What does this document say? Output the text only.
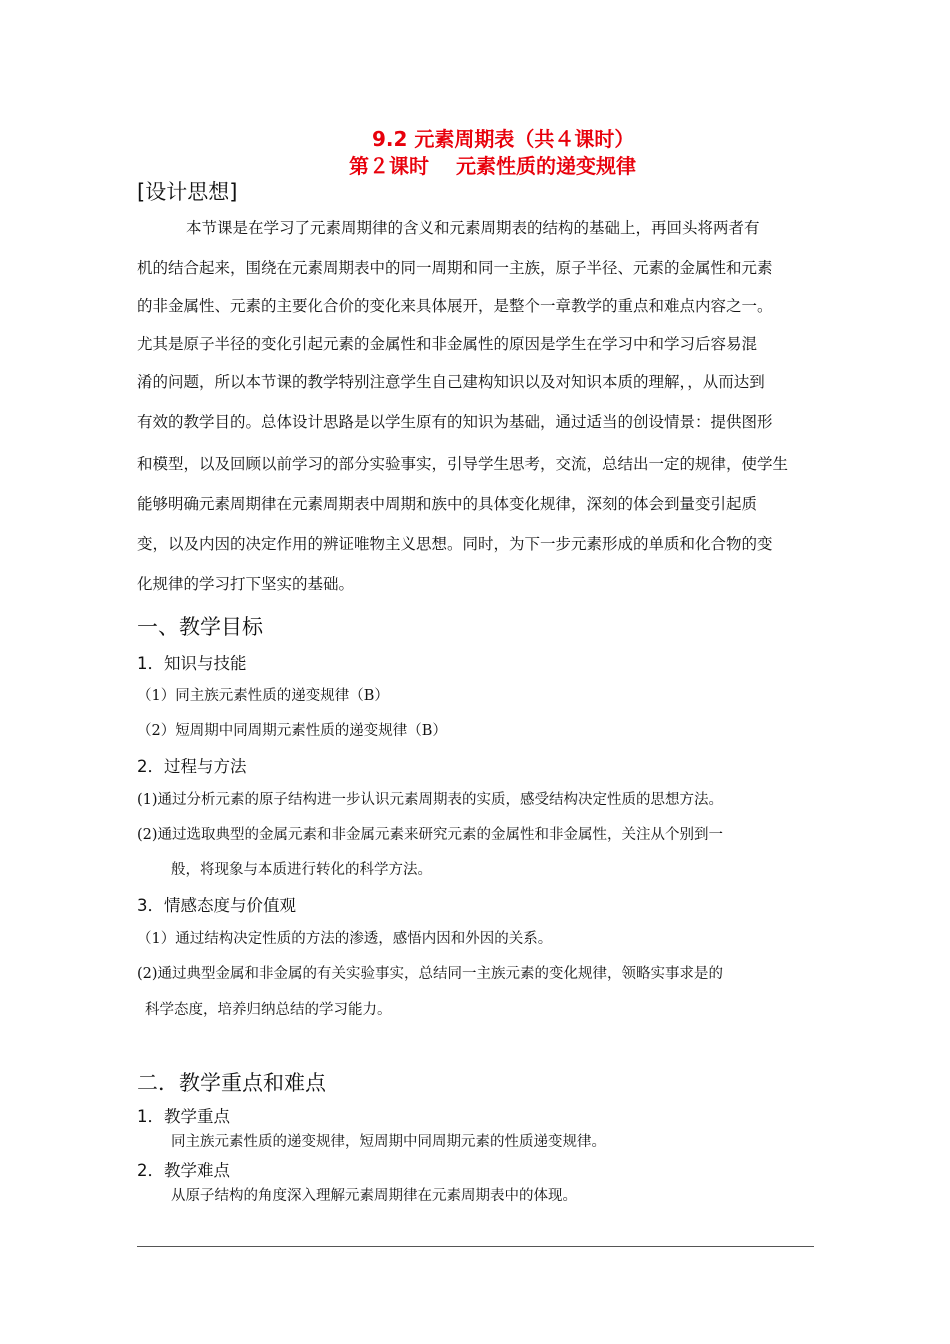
9.2 元素周期表（共４课时）
第２课时　 元素性质的递变规律
[设计思想]
本节课是在学习了元素周期律的含义和元素周期表的结构的基础上，再回头将两者有
机的结合起来，围绕在元素周期表中的同一周期和同一主族，原子半径、元素的金属性和元素
的非金属性、元素的主要化合价的变化来具体展开，是整个一章教学的重点和难点内容之一。
尤其是原子半径的变化引起元素的金属性和非金属性的原因是学生在学习中和学习后容易混
淆的问题，所以本节课的教学特别注意学生自己建构知识以及对知识本质的理解，，从而达到
有效的教学目的。总体设计思路是以学生原有的知识为基础，通过适当的创设情景：提供图形
和模型，以及回顾以前学习的部分实验事实，引导学生思考，交流，总结出一定的规律，使学生
能够明确元素周期律在元素周期表中周期和族中的具体变化规律，深刻的体会到量变引起质
变，以及内因的决定作用的辨证唯物主义思想。同时，为下一步元素形成的单质和化合物的变
化规律的学习打下坚实的基础。
一、教学目标
1．知识与技能
（1）同主族元素性质的递变规律（B）
（2）短周期中同周期元素性质的递变规律（B）
2．过程与方法
(1)通过分析元素的原子结构进一步认识元素周期表的实质，感受结构决定性质的思想方法。
(2)通过选取典型的金属元素和非金属元素来研究元素的金属性和非金属性，关注从个别到一
般，将现象与本质进行转化的科学方法。
3．情感态度与价值观
（1）通过结构决定性质的方法的渗透，感悟内因和外因的关系。
(2)通过典型金属和非金属的有关实验事实，总结同一主族元素的变化规律，领略实事求是的
科学态度，培养归纳总结的学习能力。
二．教学重点和难点
1．教学重点
同主族元素性质的递变规律，短周期中同周期元素的性质递变规律。
2．教学难点
从原子结构的角度深入理解元素周期律在元素周期表中的体现。
